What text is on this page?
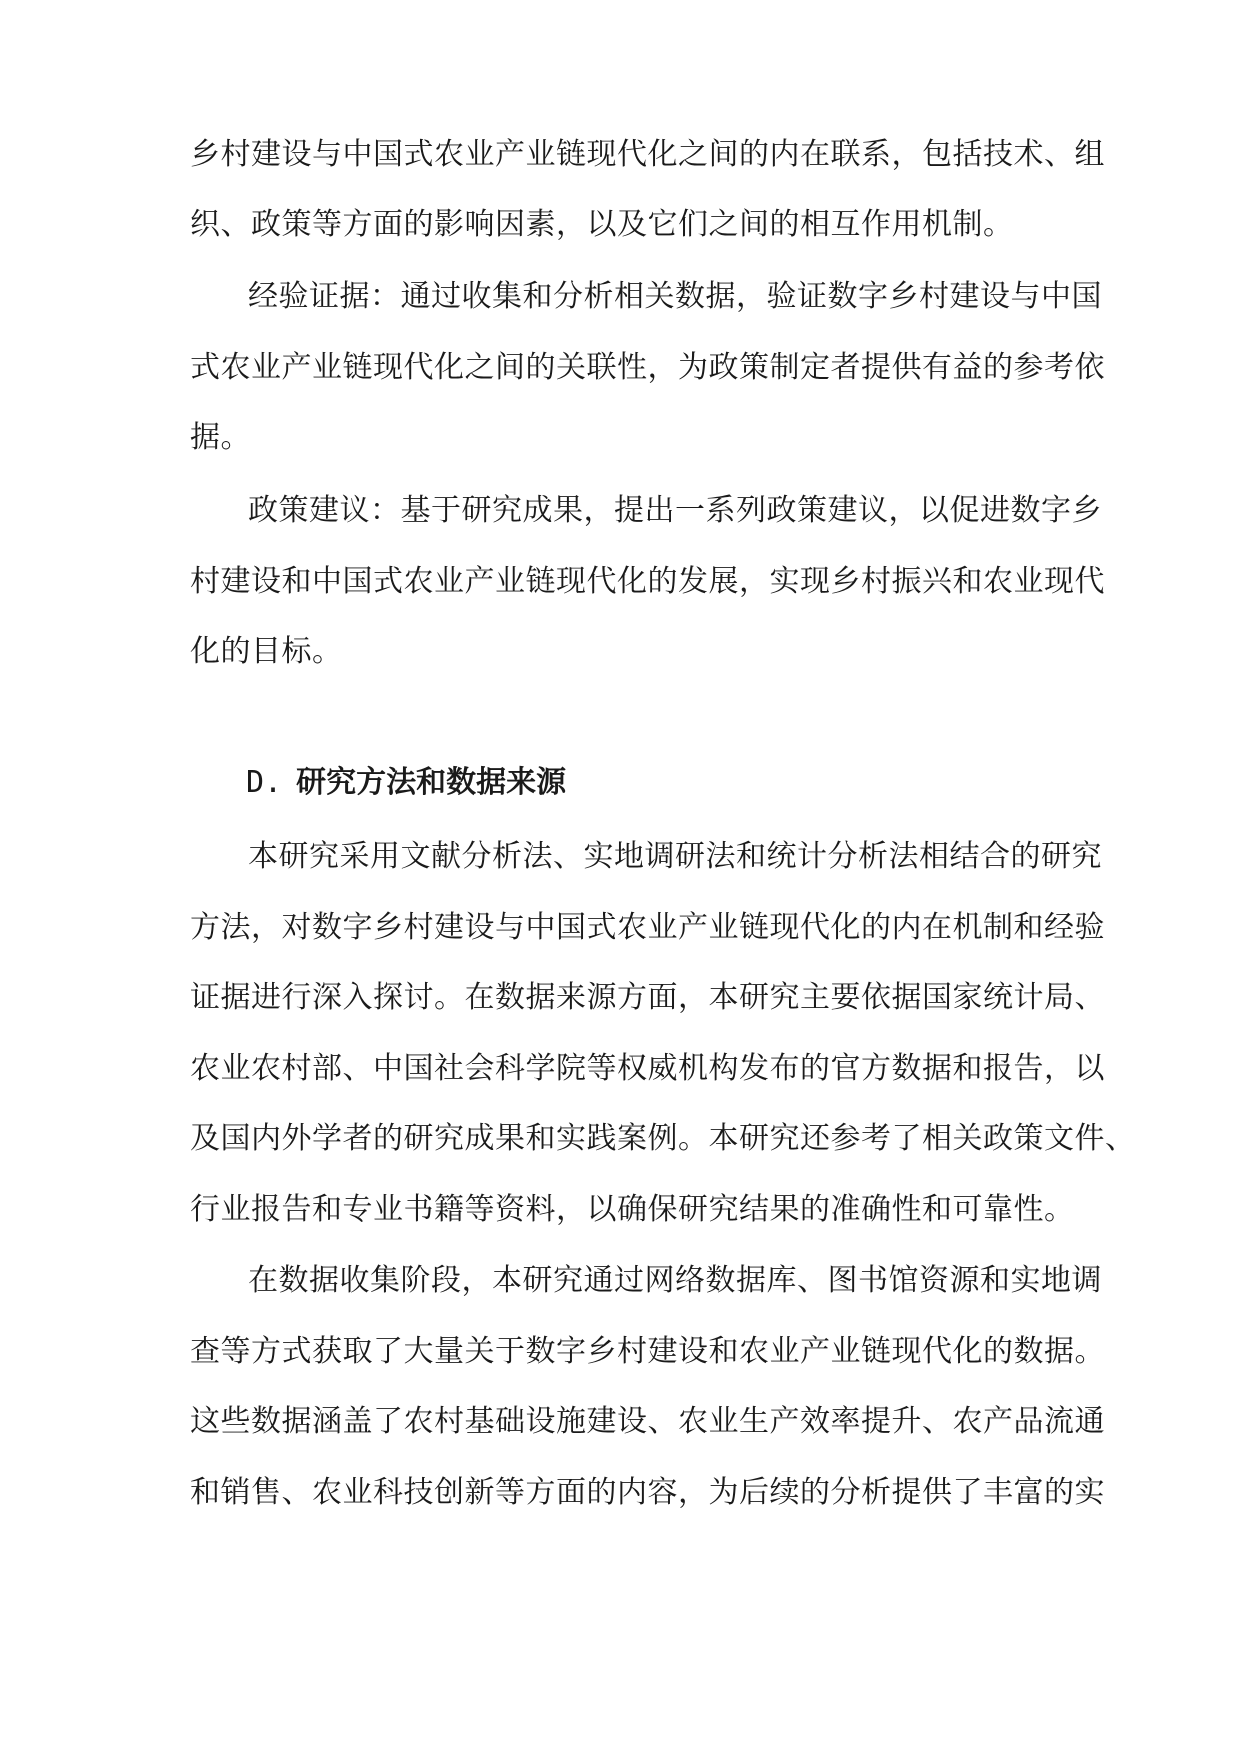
乡村建设与中国式农业产业链现代化之间的内在联系，包括技术、组
织、政策等方面的影响因素，以及它们之间的相互作用机制。
经验证据：通过收集和分析相关数据，验证数字乡村建设与中国
式农业产业链现代化之间的关联性，为政策制定者提供有益的参考依
据。
政策建议：基于研究成果，提出一系列政策建议，以促进数字乡
村建设和中国式农业产业链现代化的发展，实现乡村振兴和农业现代
化的目标。
D. 研究方法和数据来源
本研究采用文献分析法、实地调研法和统计分析法相结合的研究
方法，对数字乡村建设与中国式农业产业链现代化的内在机制和经验
证据进行深入探讨。在数据来源方面，本研究主要依据国家统计局、
农业农村部、中国社会科学院等权威机构发布的官方数据和报告，以
及国内外学者的研究成果和实践案例。本研究还参考了相关政策文件、
行业报告和专业书籍等资料，以确保研究结果的准确性和可靠性。
在数据收集阶段，本研究通过网络数据库、图书馆资源和实地调
查等方式获取了大量关于数字乡村建设和农业产业链现代化的数据。
这些数据涵盖了农村基础设施建设、农业生产效率提升、农产品流通
和销售、农业科技创新等方面的内容，为后续的分析提供了丰富的实
